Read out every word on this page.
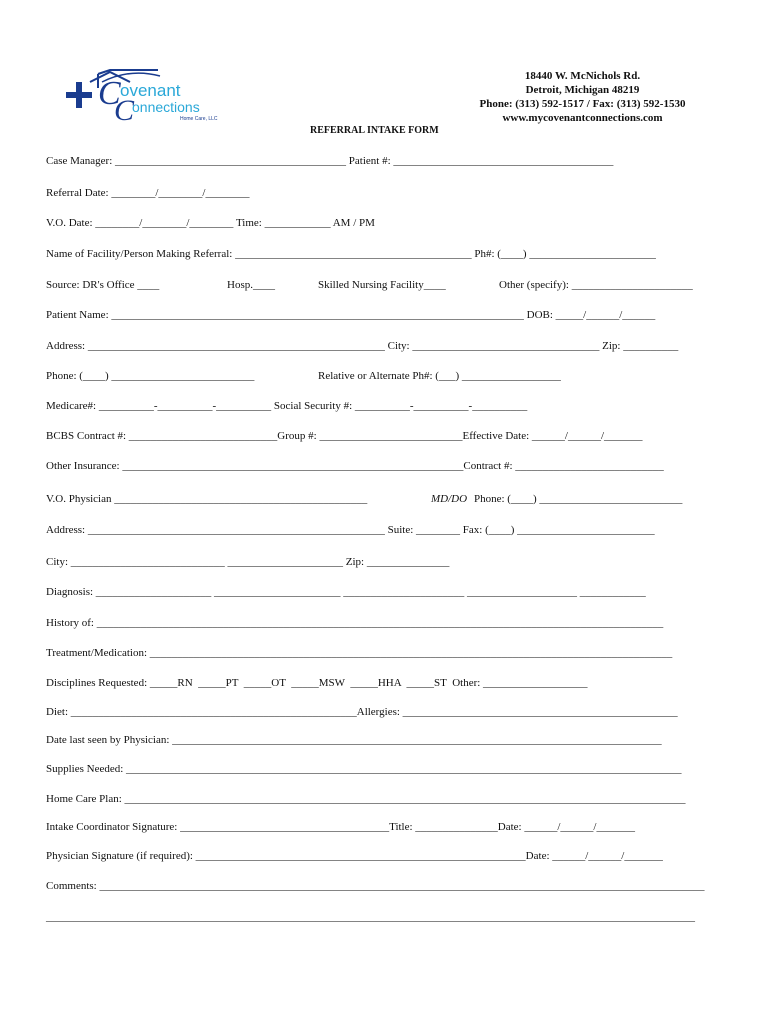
C
C
ovenant
onnections
Home Care, LLC
18440 W. McNichols Rd.
Detroit, Michigan 48219
Phone: (313) 592-1517 / Fax: (313) 592-1530
www.mycovenantconnections.com
REFERRAL INTAKE FORM
Case Manager: __________________________________________ Patient #: ________________________________________
Referral Date: ________/________/________
V.O. Date: ________/________/________ Time: ____________ AM / PM
Name of Facility/Person Making Referral: ___________________________________________ Ph#: (____) _______________________
Source: DR's Office ____	Hosp.____	Skilled Nursing Facility____	Other (specify): ______________________
Patient Name: ___________________________________________________________________________ DOB: _____/______/______
Address: ______________________________________________________ City: __________________________________ Zip: __________
Phone: (____) __________________________	Relative or Alternate Ph#: (___) __________________
Medicare#: __________-__________-__________ Social Security #: __________-__________-__________
BCBS Contract #: ___________________________Group #: __________________________Effective Date: ______/______/_______
Other Insurance: ______________________________________________________________Contract #: ___________________________
V.O. Physician ______________________________________________	MD/DO Phone: (____) __________________________
Address: ______________________________________________________ Suite: ________ Fax: (____) _________________________
City: ____________________________ _____________________ Zip: _______________
Diagnosis: _____________________ _______________________ ______________________ ____________________ ____________
History of: _______________________________________________________________________________________________________
Treatment/Medication: _______________________________________________________________________________________________
Disciplines Requested: _____RN  _____PT  _____OT  _____MSW  _____HHA  _____ST  Other: ___________________
Diet: ____________________________________________________Allergies: __________________________________________________
Date last seen by Physician: _________________________________________________________________________________________
Supplies Needed: _____________________________________________________________________________________________________
Home Care Plan: ______________________________________________________________________________________________________
Intake Coordinator Signature: ______________________________________Title: _______________Date: ______/______/_______
Physician Signature (if required): ____________________________________________________________Date: ______/______/_______
Comments: ______________________________________________________________________________________________________________
______________________________________________________________________________________________________________________
